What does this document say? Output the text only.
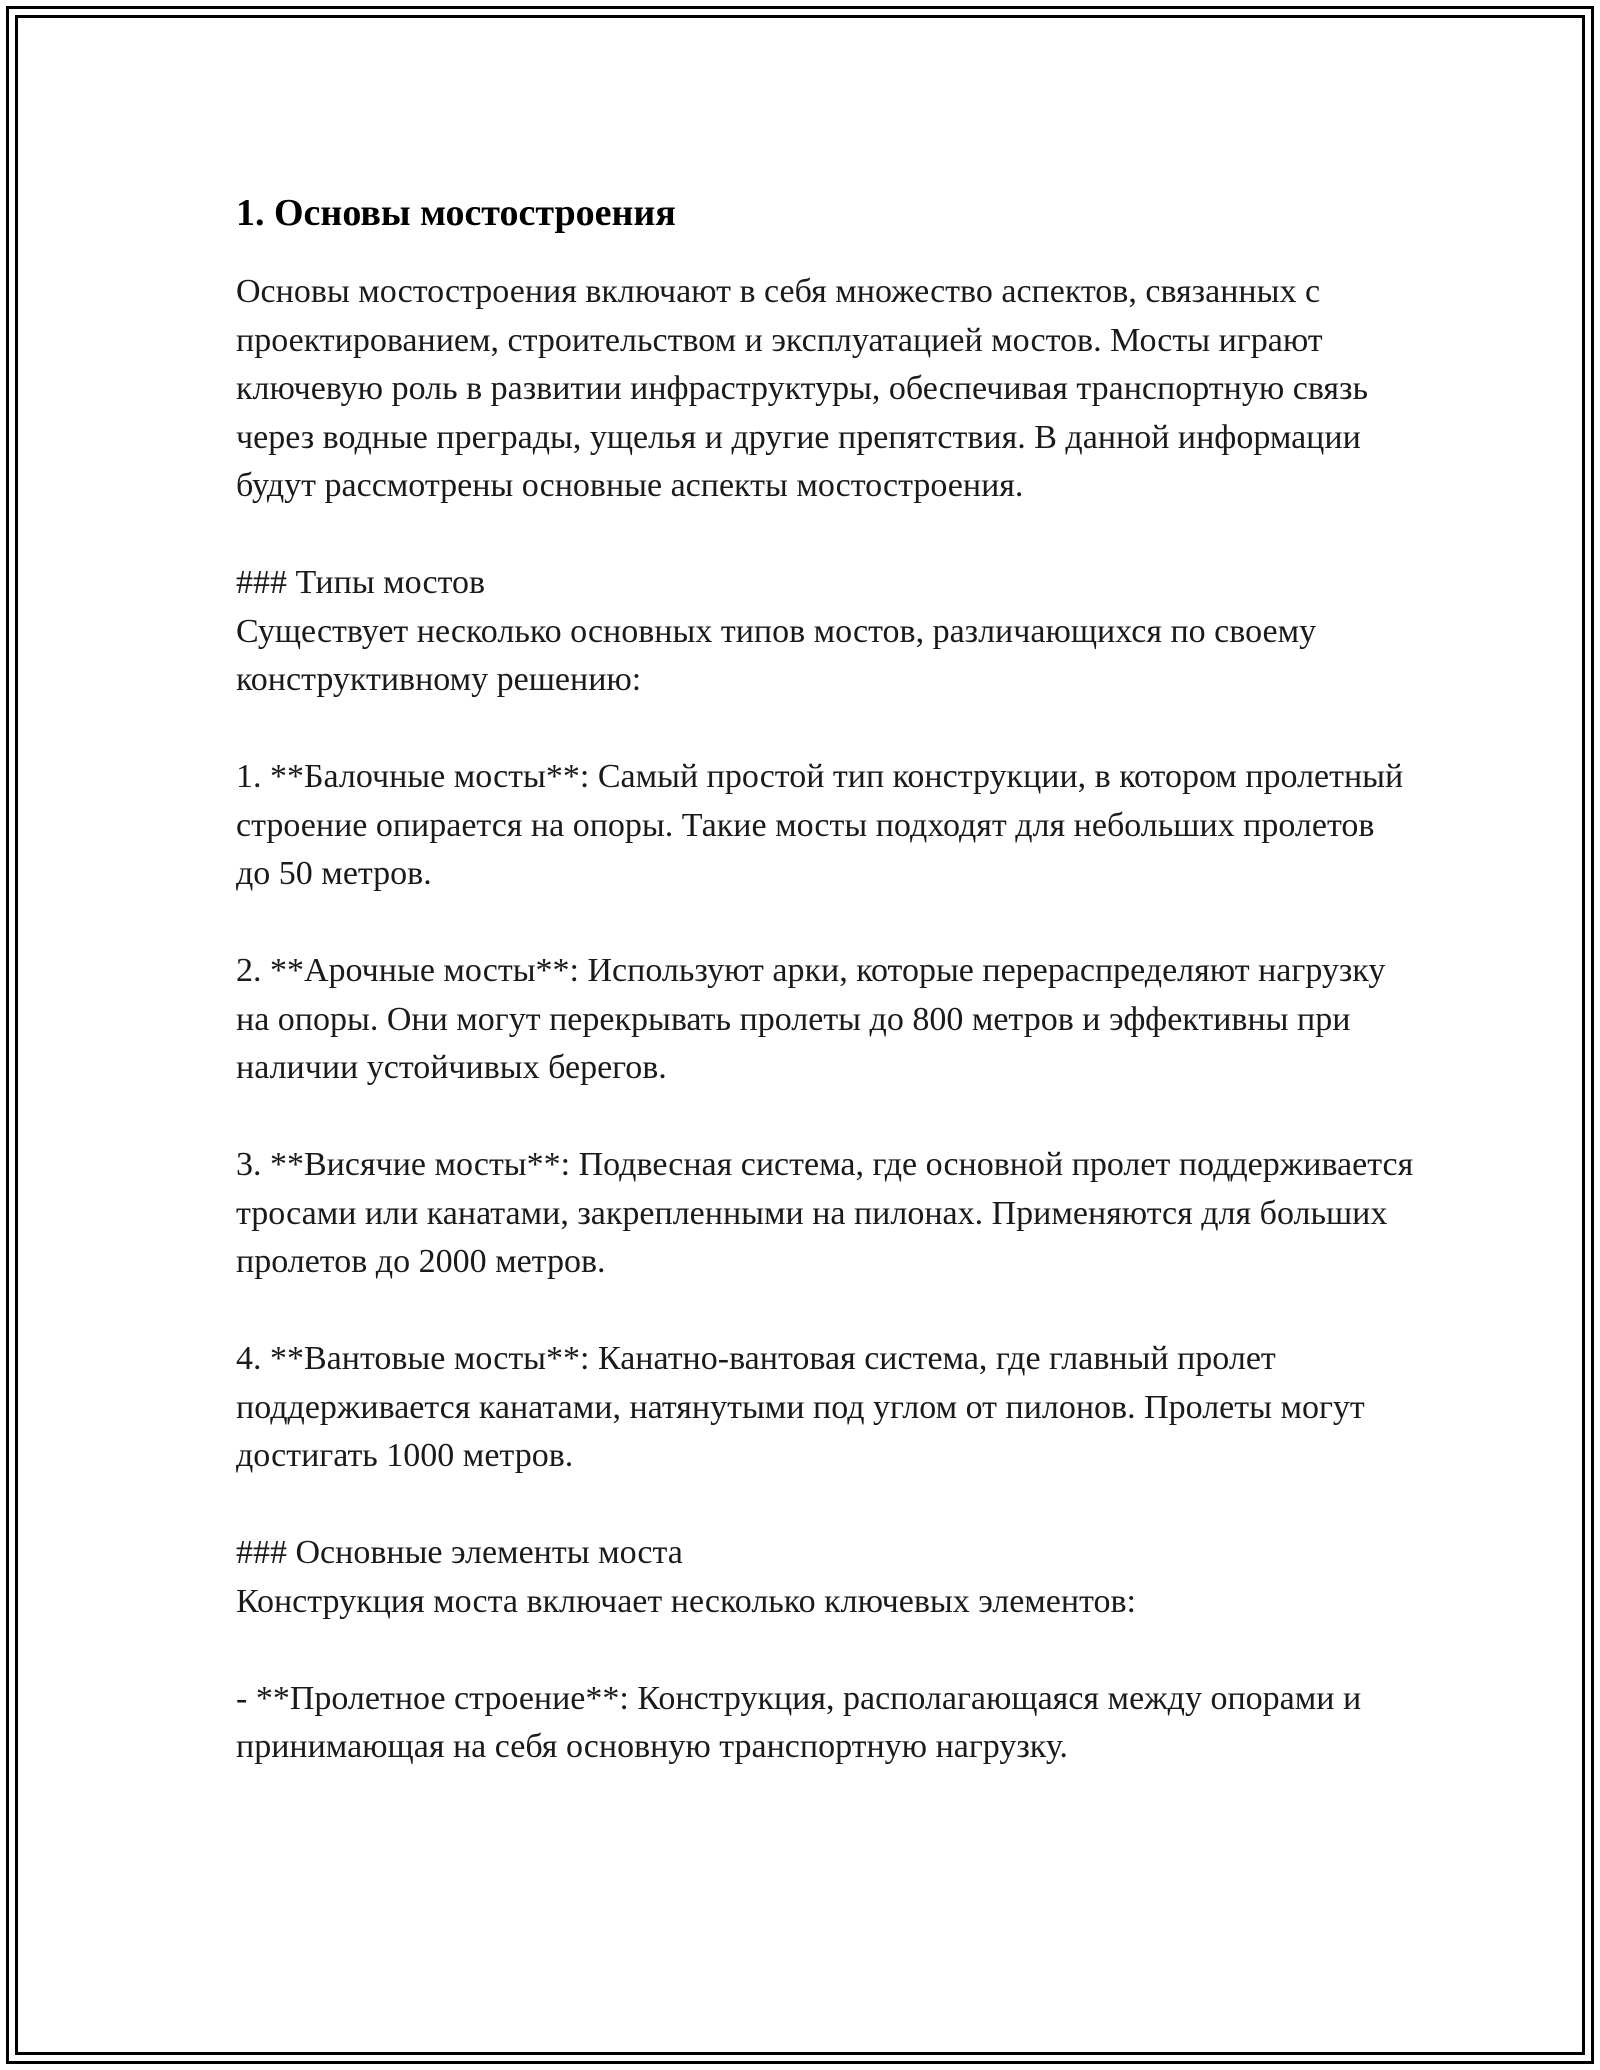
1. Основы мостостроения

Основы мостостроения включают в себя множество аспектов, связанных с проектированием, строительством и эксплуатацией мостов. Мосты играют ключевую роль в развитии инфраструктуры, обеспечивая транспортную связь через водные преграды, ущелья и другие препятствия. В данной информации будут рассмотрены основные аспекты мостостроения.

### Типы мостов

Существует несколько основных типов мостов, различающихся по своему конструктивному решению:

1. **Балочные мосты**: Самый простой тип конструкции, в котором пролетный строение опирается на опоры. Такие мосты подходят для небольших пролетов до 50 метров.

2. **Арочные мосты**: Используют арки, которые перераспределяют нагрузку на опоры. Они могут перекрывать пролеты до 800 метров и эффективны при наличии устойчивых берегов.

3. **Висячие мосты**: Подвесная система, где основной пролет поддерживается тросами или канатами, закрепленными на пилонах. Применяются для больших пролетов до 2000 метров.

4. **Вантовые мосты**: Канатно-вантовая система, где главный пролет поддерживается канатами, натянутыми под углом от пилонов. Пролеты могут достигать 1000 метров.

### Основные элементы моста

Конструкция моста включает несколько ключевых элементов:

- **Пролетное строение**: Конструкция, располагающаяся между опорами и принимающая на себя основную транспортную нагрузку.
